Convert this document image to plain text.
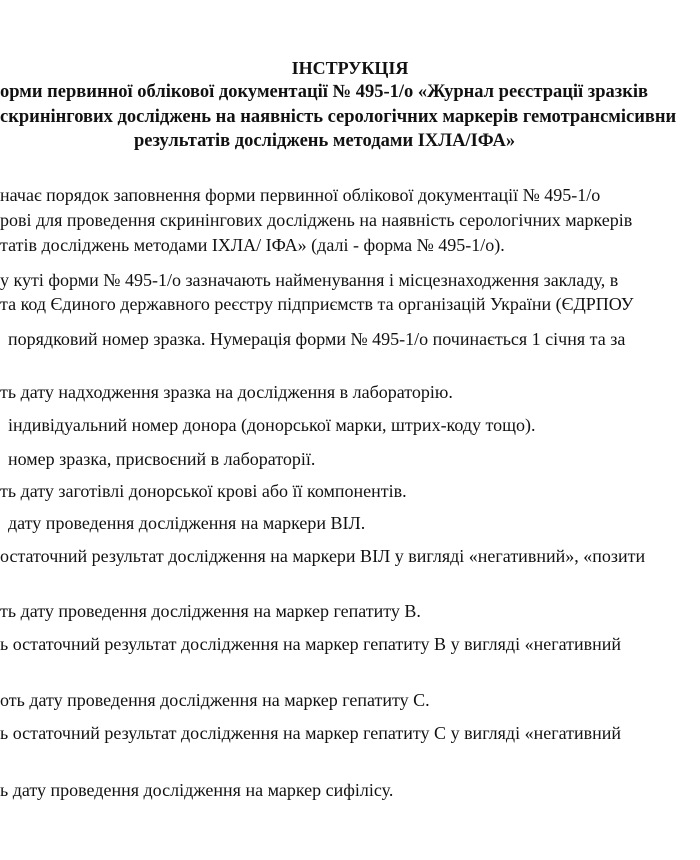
ІНСТРУКЦІЯ
орми первинної облікової документації № 495-1/о «Журнал реєстрації зразків
скринінгових досліджень на наявність серологічних маркерів гемотрансмісивни
результатів досліджень методами ІХЛА/ІФА»
начає порядок заповнення форми первинної облікової документації № 495-1/о
рові для проведення скринінгових досліджень на наявність серологічних маркерів
татів досліджень методами ІХЛА/ ІФА» (далі - форма № 495-1/о).
у куті форми № 495-1/о зазначають найменування і місцезнаходження закладу, в
та код Єдиного державного реєстру підприємств та організацій України (ЄДРПОУ
порядковий номер зразка. Нумерація форми № 495-1/о починається 1 січня та за
ть дату надходження зразка на дослідження в лабораторію.
індивідуальний номер донора (донорської марки, штрих-коду тощо).
номер зразка, присвоєний в лабораторії.
ть дату заготівлі донорської крові або її компонентів.
дату проведення дослідження на маркери ВІЛ.
остаточний результат дослідження на маркери ВІЛ у вигляді «негативний», «позити
ть дату проведення дослідження на маркер гепатиту В.
ь остаточний результат дослідження на маркер гепатиту В у вигляді «негативний
оть дату проведення дослідження на маркер гепатиту С.
ь остаточний результат дослідження на маркер гепатиту С у вигляді «негативний
ь дату проведення дослідження на маркер сифілісу.
